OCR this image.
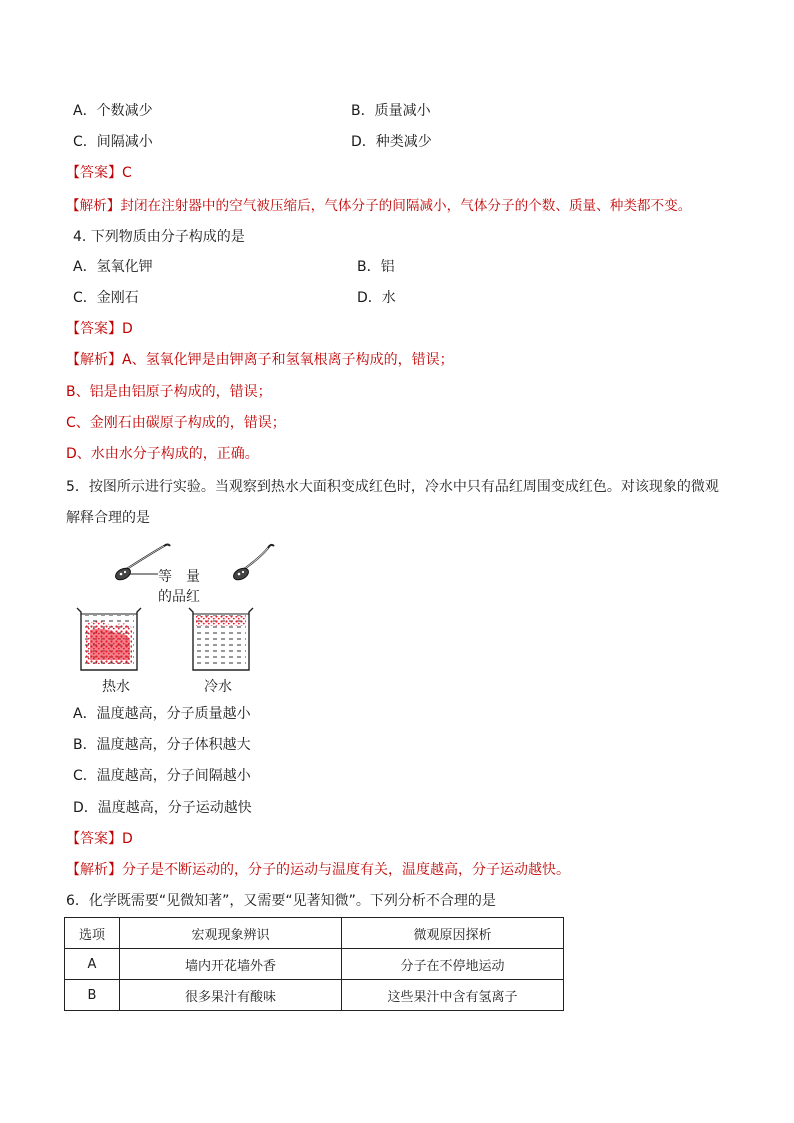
A．个数减少	B．质量减小
C．间隔减小	D．种类减少
【答案】C
【解析】封闭在注射器中的空气被压缩后，气体分子的间隔减小，气体分子的个数、质量、种类都不变。
4. 下列物质由分子构成的是
A．氢氧化钾	B．铝
C．金刚石	D．水
【答案】D
【解析】A、氢氧化钾是由钾离子和氢氧根离子构成的，错误；
B、铝是由铝原子构成的，错误；
C、金刚石由碳原子构成的，错误；
D、水由水分子构成的，正确。
5．按图所示进行实验。当观察到热水大面积变成红色时，冷水中只有品红周围变成红色。对该现象的微观
解释合理的是
等　量
的品红
热水	冷水
A．温度越高，分子质量越小
B．温度越高，分子体积越大
C．温度越高，分子间隔越小
D．温度越高，分子运动越快
【答案】D
【解析】分子是不断运动的，分子的运动与温度有关，温度越高，分子运动越快。
6．化学既需要“见微知著”，又需要“见著知微”。下列分析不合理的是
选项	宏观现象辨识	微观原因探析
A	墙内开花墙外香	分子在不停地运动
B	很多果汁有酸味	这些果汁中含有氢离子
